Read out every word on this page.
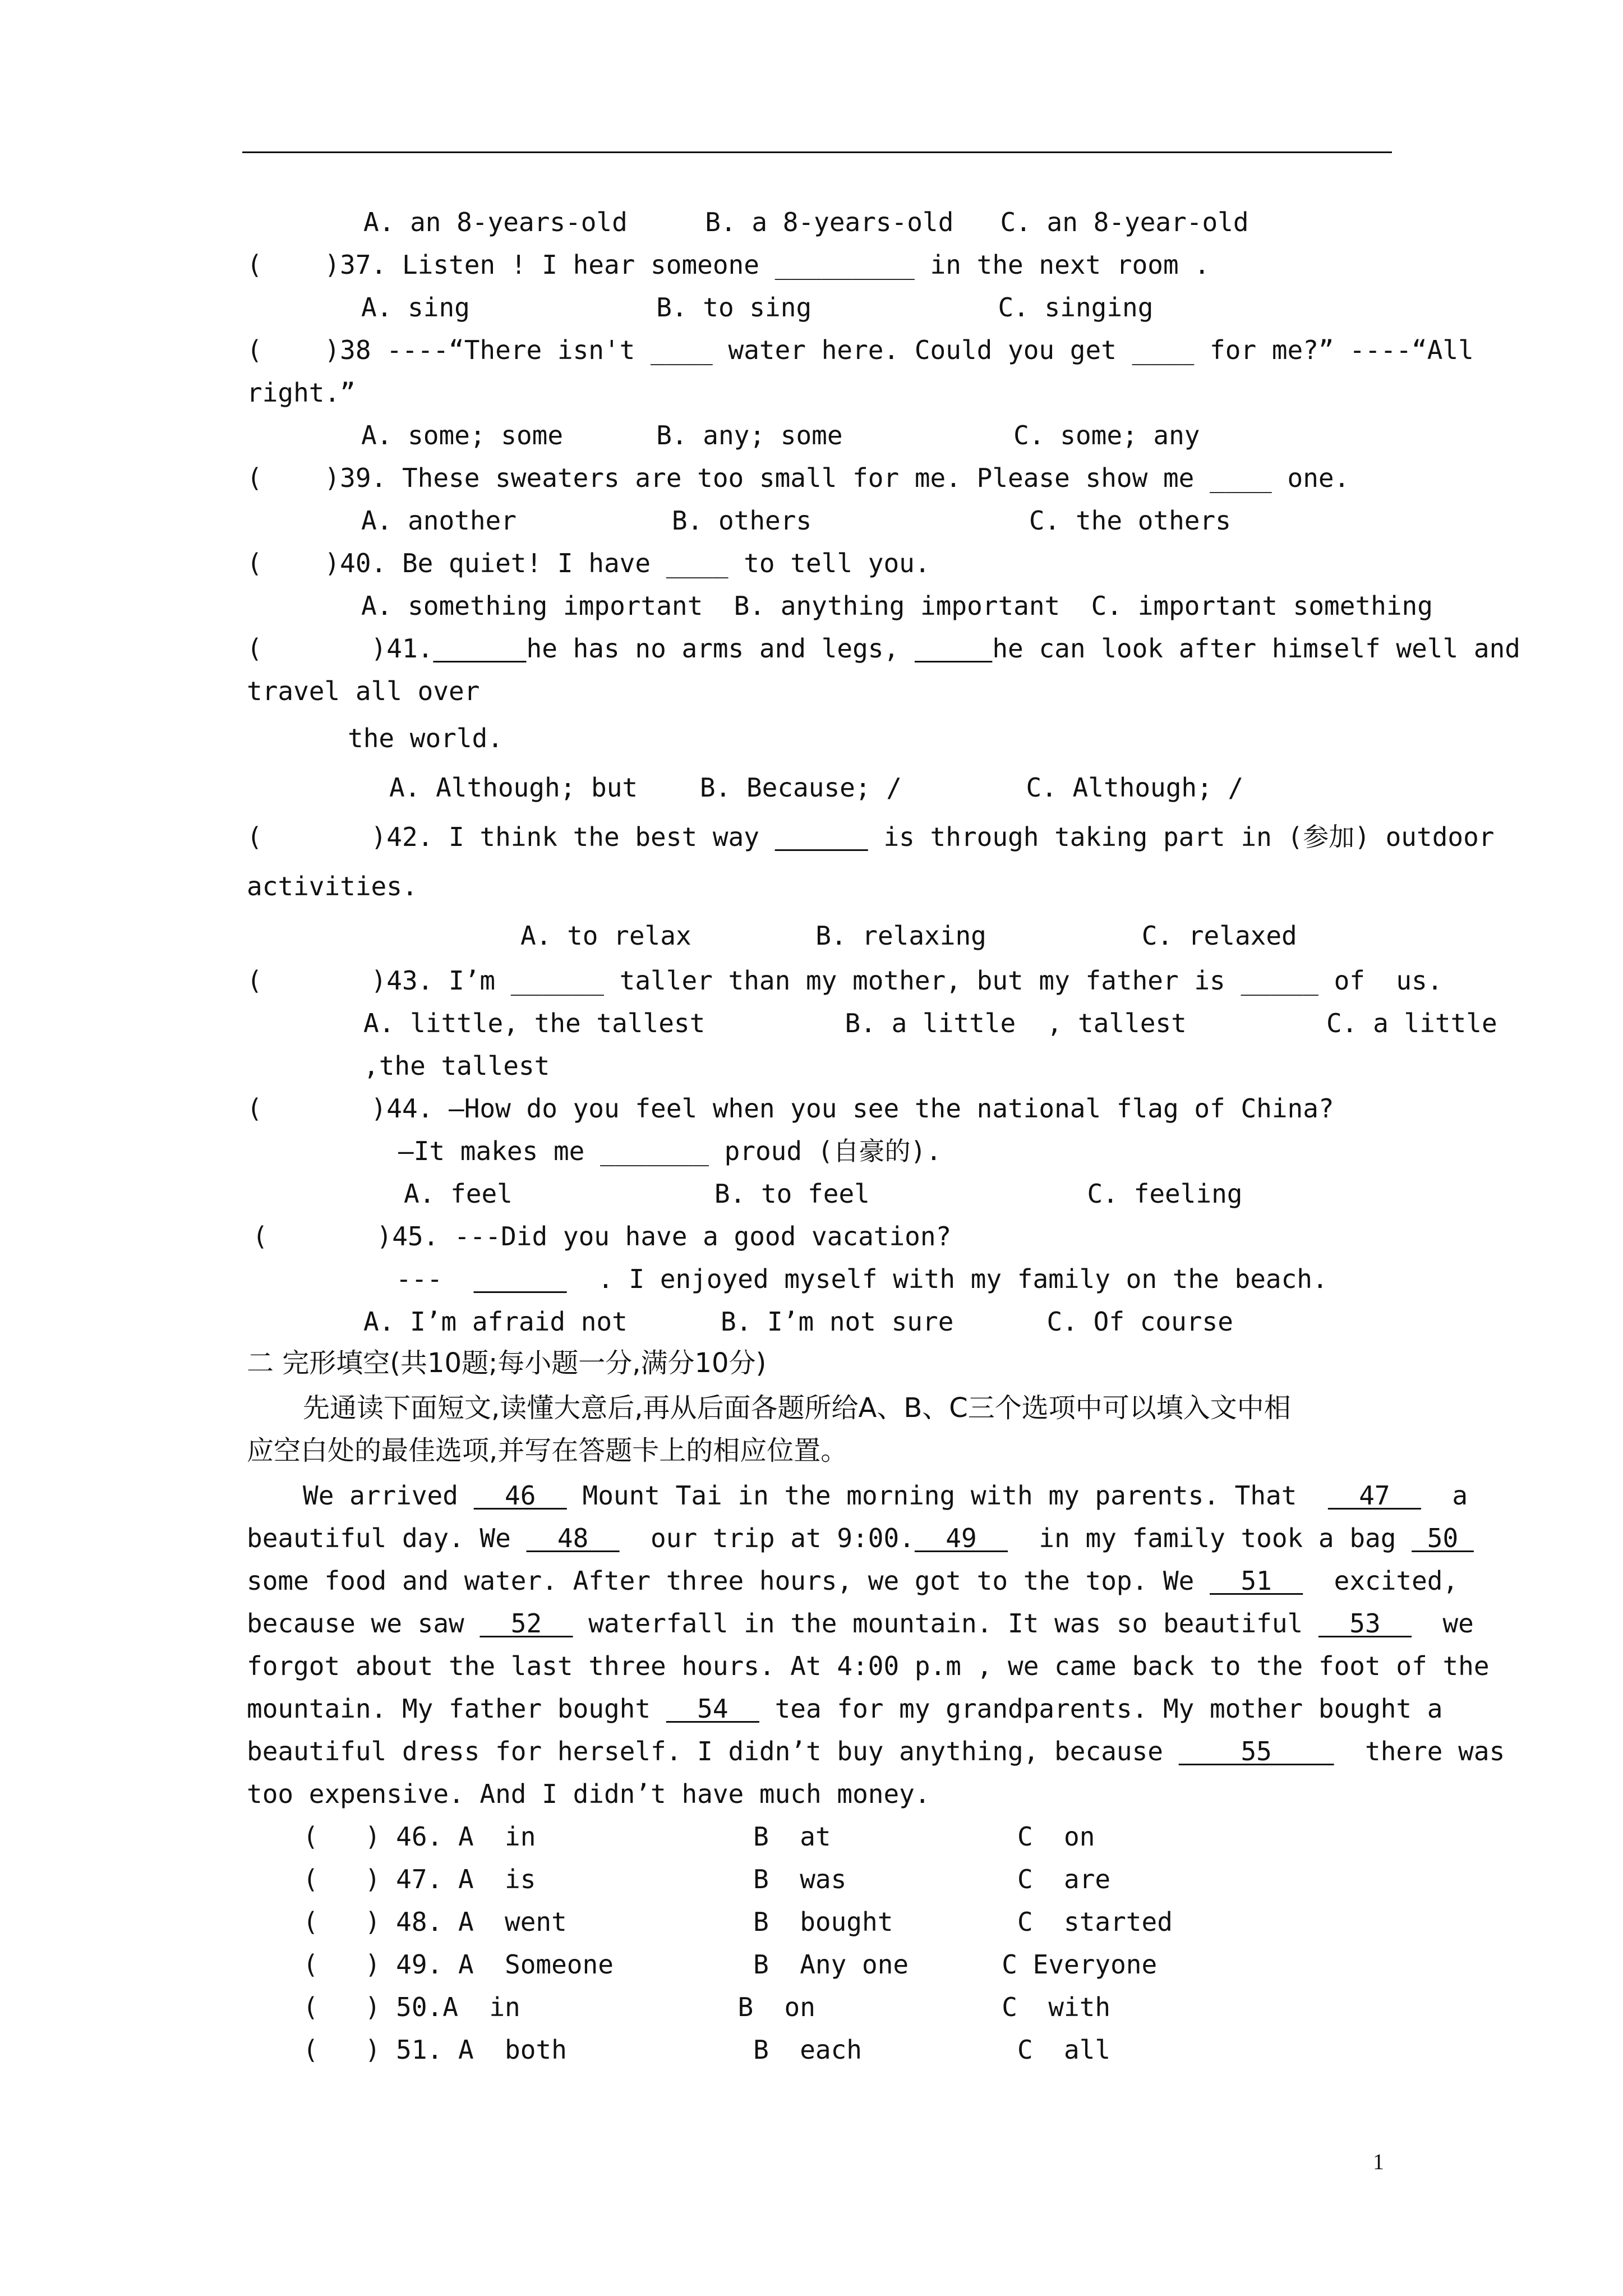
A. an 8-years-old     B. a 8-years-old   C. an 8-year-old
(    )37. Listen ! I hear someone _________ in the next room .
A. sing            B. to sing            C. singing
(    )38 ----“There isn't ____ water here. Could you get ____ for me?” ----“All
right.”
A. some; some      B. any; some           C. some; any
(    )39. These sweaters are too small for me. Please show me ____ one.
A. another          B. others              C. the others
(    )40. Be quiet! I have ____ to tell you.
A. something important  B. anything important  C. important something
(       )41.	he has no arms and legs,	he can look after himself well and
travel all over
the world.
A. Although; but    B. Because; /        C. Although; /
(       )42. I think the best way	is through taking part in (参加) outdoor
activities.
A. to relax        B. relaxing          C. relaxed
(       )43. I’m ______ taller than my mother, but my father is _____ of  us.
A. little, the tallest         B. a little  , tallest         C. a little
,the tallest
(       )44. —How do you feel when you see the national flag of China?
—It makes me _______ proud (自豪的).
A. feel             B. to feel              C. feeling
(       )45. ---Did you have a good vacation?
---	. I enjoyed myself with my family on the beach.
A. I’m afraid not      B. I’m not sure      C. Of course
二 完形填空(共10题;每小题一分,满分10分)
先通读下面短文,读懂大意后,再从后面各题所给A、B、C三个选项中可以填入文中相
应空白处的最佳选项,并写在答题卡上的相应位置。
We arrived   46   Mount Tai in the morning with my parents. That    47    a
beautiful day. We   48    our trip at 9:00.  49    in my family took a bag  50
some food and water. After three hours, we got to the top. We   51    excited,
because we saw   52   waterfall in the mountain. It was so beautiful   53    we
forgot about the last three hours. At 4:00 p.m , we came back to the foot of the
mountain. My father bought   54   tea for my grandparents. My mother bought a
beautiful dress for herself. I didn’t buy anything, because     55      there was
too expensive. And I didn’t have much money.
(   ) 46. A  in              B  at            C  on
(   ) 47. A  is              B  was           C  are
(   ) 48. A  went            B  bought        C  started
(   ) 49. A  Someone         B  Any one      C Everyone
(   ) 50.A  in              B  on            C  with
(   ) 51. A  both            B  each          C  all
1
